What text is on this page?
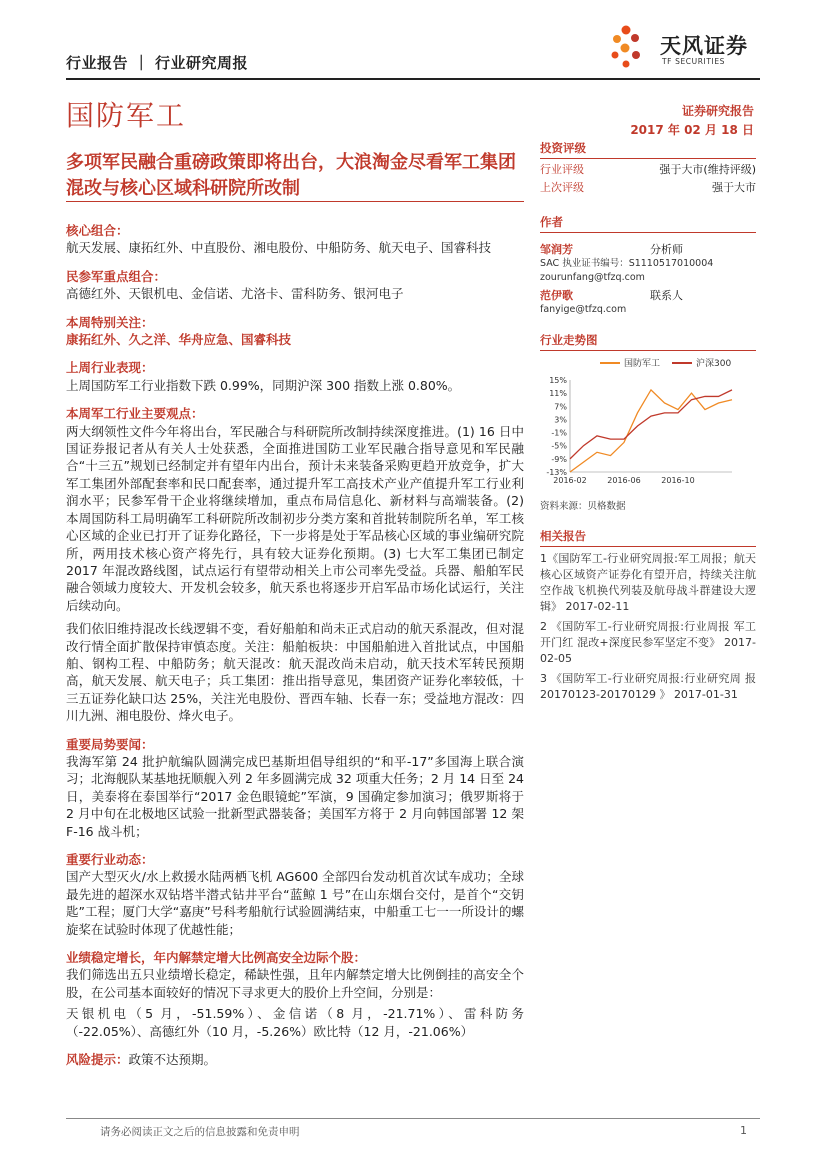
行业报告 ｜ 行业研究周报
国防军工
天风证券
TF SECURITIES
证券研究报告
2017 年 02 月 18 日
多项军民融合重磅政策即将出台，大浪淘金尽看军工集团混改与核心区域科研院所改制
核心组合：
航天发展、康拓红外、中直股份、湘电股份、中船防务、航天电子、国睿科技
民参军重点组合：
高德红外、天银机电、金信诺、尤洛卡、雷科防务、银河电子
本周特别关注：
康拓红外、久之洋、华舟应急、国睿科技
上周行业表现：
上周国防军工行业指数下跌 0.99%，同期沪深 300 指数上涨 0.80%。
本周军工行业主要观点：
两大纲领性文件今年将出台，军民融合与科研院所改制持续深度推进。(1) 16 日中国证券报记者从有关人士处获悉，全面推进国防工业军民融合指导意见和军民融合“十三五”规划已经制定并有望年内出台，预计未来装备采购更趋开放竞争，扩大军工集团外部配套率和民口配套率，通过提升军工高技术产业产值提升军工行业利润水平；民参军骨干企业将继续增加，重点布局信息化、新材料与高端装备。(2) 本周国防科工局明确军工科研院所改制初步分类方案和首批转制院所名单，军工核心区域的企业已打开了证券化路径，下一步将是处于军品核心区域的事业编研究院所，两用技术核心资产将先行，具有较大证券化预期。(3) 七大军工集团已制定 2017 年混改路线图，试点运行有望带动相关上市公司率先受益。兵器、船舶军民融合领域力度较大、开发机会较多，航天系也将逐步开启军品市场化试运行，关注后续动向。
我们依旧维持混改长线逻辑不变，看好船舶和尚未正式启动的航天系混改，但对混改行情全面扩散保持审慎态度。关注：船舶板块：中国船舶进入首批试点，中国船舶、钢构工程、中船防务；航天混改：航天混改尚未启动，航天技术军转民预期高，航天发展、航天电子；兵工集团：推出指导意见，集团资产证券化率较低，十三五证券化缺口达 25%，关注光电股份、晋西车轴、长春一东；受益地方混改：四川九洲、湘电股份、烽火电子。
重要局势要闻：
我海军第 24 批护航编队圆满完成巴基斯坦倡导组织的“和平-17”多国海上联合演习；北海舰队某基地抚顺舰入列 2 年多圆满完成 32 项重大任务；2 月 14 日至 24 日，美泰将在泰国举行“2017 金色眼镜蛇”军演，9 国确定参加演习；俄罗斯将于 2 月中旬在北极地区试验一批新型武器装备；美国军方将于 2 月向韩国部署 12 架 F-16 战斗机；
重要行业动态：
国产大型灭火/水上救援水陆两栖飞机 AG600 全部四台发动机首次试车成功；全球最先进的超深水双钻塔半潜式钻井平台“蓝鲸 1 号”在山东烟台交付，是首个“交钥匙”工程；厦门大学“嘉庚”号科考船航行试验圆满结束，中船重工七一一所设计的螺旋桨在试验时体现了优越性能；
业绩稳定增长，年内解禁定增大比例高安全边际个股：
我们筛选出五只业绩增长稳定，稀缺性强，且年内解禁定增大比例倒挂的高安全个股，在公司基本面较好的情况下寻求更大的股价上升空间，分别是：
天银机电（5 月，-51.59%）、金信诺（8 月，-21.71%）、雷科防务（-22.05%）、高德红外（10 月，-5.26%）欧比特（12 月，-21.06%）
风险提示：政策不达预期。
投资评级
行业评级	强于大市(维持评级)
上次评级	强于大市
作者
邹润芳	分析师
SAC 执业证书编号：S1110517010004
zourunfang@tfzq.com
范伊歌	联系人
fanyige@tfzq.com
行业走势图
国防军工	沪深300
15%
11%
7%
3%
-1%
-5%
-9%
-13%
2016-02	2016-06	2016-10
资料来源：贝格数据
相关报告

1《国防军工-行业研究周报:军工周报；航天核心区域资产证券化有望开启，持续关注航空作战飞机换代列装及航母战斗群建设大逻辑》 2017-02-11

2 《国防军工-行业研究周报:行业周报 军工开门红 混改+深度民参军坚定不变》 2017-02-05

3 《国防军工-行业研究周报:行业研究周 报 20170123-20170129 》 2017-01-31

请务必阅读正文之后的信息披露和免责申明	1
